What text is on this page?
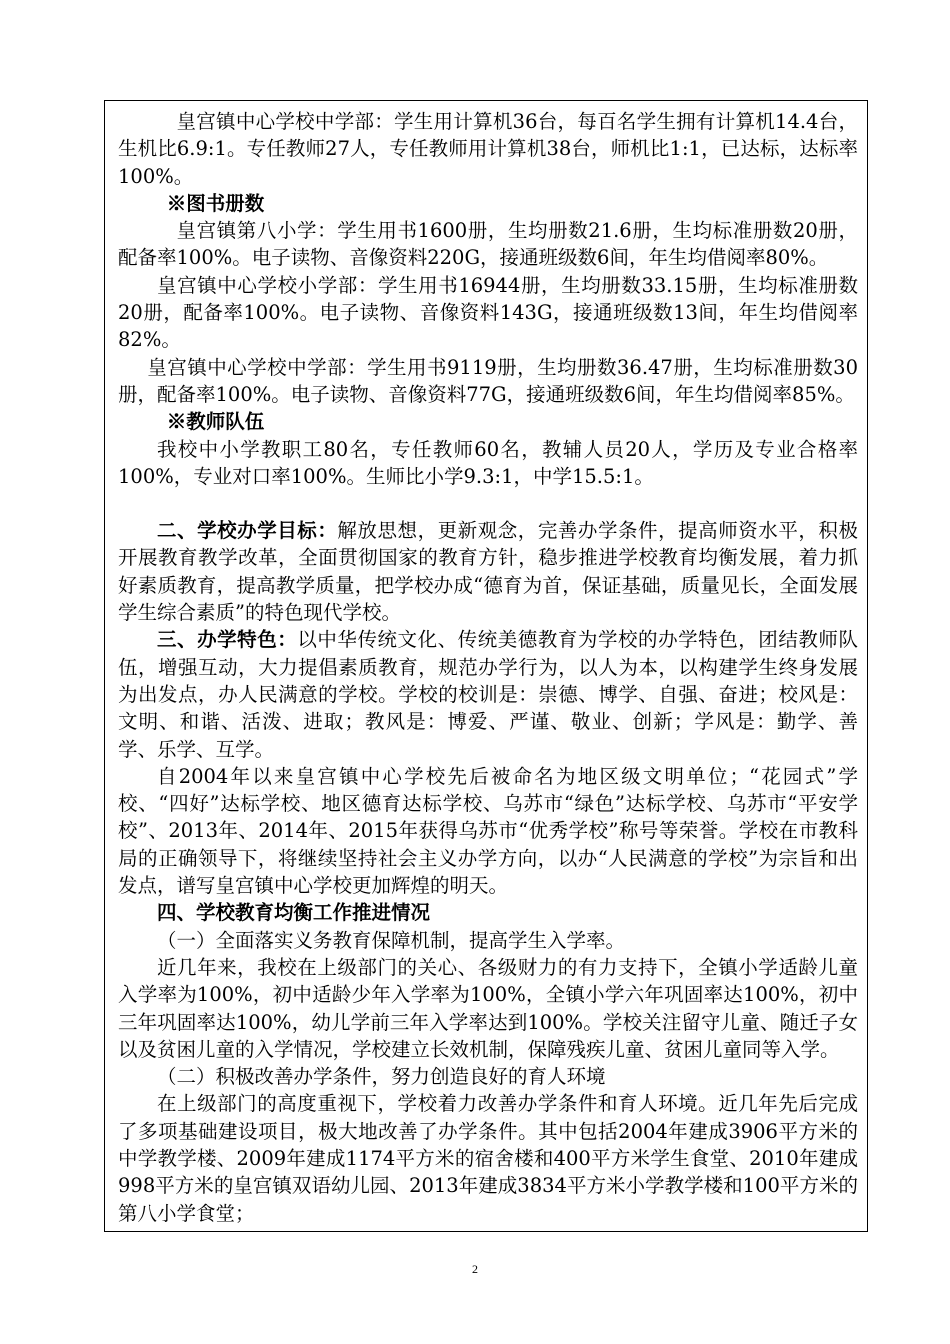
皇宫镇中心学校中学部：学生用计算机36台，每百名学生拥有计算机14.4台，生机比6.9:1。专任教师27人，专任教师用计算机38台，师机比1:1，已达标，达标率100%。

※图书册数

皇宫镇第八小学：学生用书1600册，生均册数21.6册，生均标准册数20册，配备率100%。电子读物、音像资料220G，接通班级数6间，年生均借阅率80%。

皇宫镇中心学校小学部：学生用书16944册，生均册数33.15册，生均标准册数20册，配备率100%。电子读物、音像资料143G，接通班级数13间，年生均借阅率82%。

皇宫镇中心学校中学部：学生用书9119册，生均册数36.47册，生均标准册数30册，配备率100%。电子读物、音像资料77G，接通班级数6间，年生均借阅率85%。

※教师队伍

我校中小学教职工80名，专任教师60名，教辅人员20人，学历及专业合格率100%，专业对口率100%。生师比小学9.3:1，中学15.5:1。

二、学校办学目标：解放思想，更新观念，完善办学条件，提高师资水平，积极开展教育教学改革，全面贯彻国家的教育方针，稳步推进学校教育均衡发展，着力抓好素质教育，提高教学质量，把学校办成“德育为首，保证基础，质量见长，全面发展学生综合素质”的特色现代学校。

三、办学特色：以中华传统文化、传统美德教育为学校的办学特色，团结教师队伍，增强互动，大力提倡素质教育，规范办学行为，以人为本，以构建学生终身发展为出发点，办人民满意的学校。学校的校训是：崇德、博学、自强、奋进；校风是：文明、和谐、活泼、进取；教风是：博爱、严谨、敬业、创新；学风是：勤学、善学、乐学、互学。

自2004年以来皇宫镇中心学校先后被命名为地区级文明单位；“花园式”学校、“四好”达标学校、地区德育达标学校、乌苏市“绿色”达标学校、乌苏市“平安学校”、2013年、2014年、2015年获得乌苏市“优秀学校”称号等荣誉。学校在市教科局的正确领导下，将继续坚持社会主义办学方向，以办“人民满意的学校”为宗旨和出发点，谱写皇宫镇中心学校更加辉煌的明天。

四、学校教育均衡工作推进情况

（一）全面落实义务教育保障机制，提高学生入学率。

近几年来，我校在上级部门的关心、各级财力的有力支持下，全镇小学适龄儿童入学率为100%，初中适龄少年入学率为100%，全镇小学六年巩固率达100%，初中三年巩固率达100%，幼儿学前三年入学率达到100%。学校关注留守儿童、随迁子女以及贫困儿童的入学情况，学校建立长效机制，保障残疾儿童、贫困儿童同等入学。

（二）积极改善办学条件，努力创造良好的育人环境

在上级部门的高度重视下，学校着力改善办学条件和育人环境。近几年先后完成了多项基础建设项目，极大地改善了办学条件。其中包括2004年建成3906平方米的中学教学楼、2009年建成1174平方米的宿舍楼和400平方米学生食堂、2010年建成998平方米的皇宫镇双语幼儿园、2013年建成3834平方米小学教学楼和100平方米的第八小学食堂；

2
